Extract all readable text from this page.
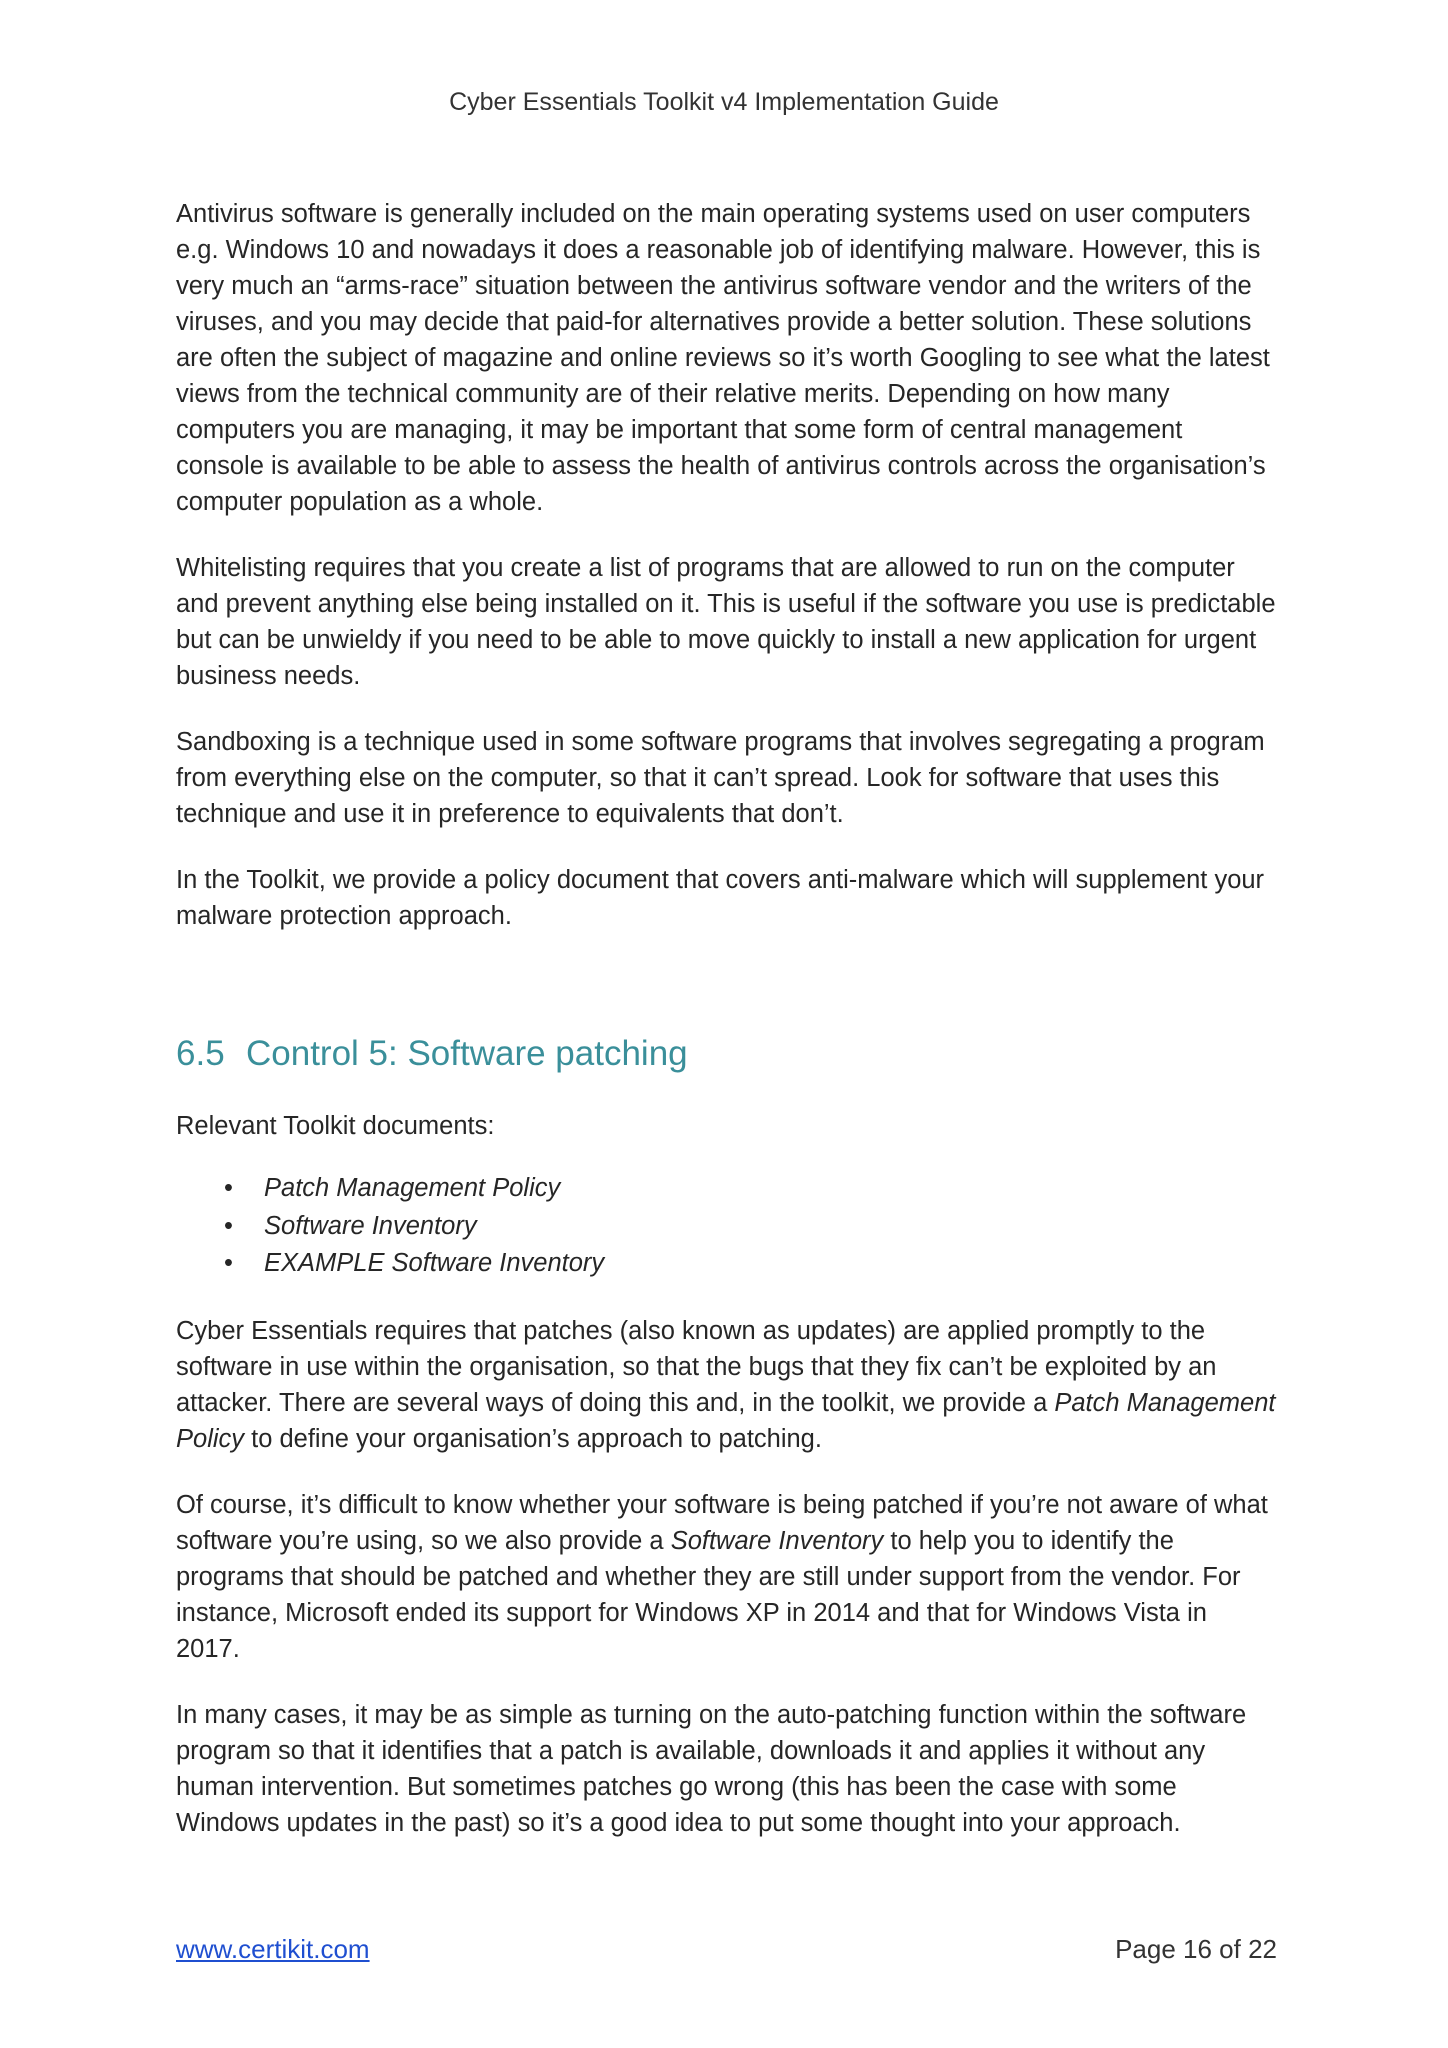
Cyber Essentials Toolkit v4 Implementation Guide

Antivirus software is generally included on the main operating systems used on user computers e.g. Windows 10 and nowadays it does a reasonable job of identifying malware. However, this is very much an “arms-race” situation between the antivirus software vendor and the writers of the viruses, and you may decide that paid-for alternatives provide a better solution. These solutions are often the subject of magazine and online reviews so it’s worth Googling to see what the latest views from the technical community are of their relative merits. Depending on how many computers you are managing, it may be important that some form of central management console is available to be able to assess the health of antivirus controls across the organisation’s computer population as a whole.

Whitelisting requires that you create a list of programs that are allowed to run on the computer and prevent anything else being installed on it. This is useful if the software you use is predictable but can be unwieldy if you need to be able to move quickly to install a new application for urgent business needs.

Sandboxing is a technique used in some software programs that involves segregating a program from everything else on the computer, so that it can’t spread. Look for software that uses this technique and use it in preference to equivalents that don’t.

In the Toolkit, we provide a policy document that covers anti-malware which will supplement your malware protection approach.

6.5 Control 5: Software patching

Relevant Toolkit documents:

• Patch Management Policy
• Software Inventory
• EXAMPLE Software Inventory

Cyber Essentials requires that patches (also known as updates) are applied promptly to the software in use within the organisation, so that the bugs that they fix can’t be exploited by an attacker. There are several ways of doing this and, in the toolkit, we provide a Patch Management Policy to define your organisation’s approach to patching.

Of course, it’s difficult to know whether your software is being patched if you’re not aware of what software you’re using, so we also provide a Software Inventory to help you to identify the programs that should be patched and whether they are still under support from the vendor. For instance, Microsoft ended its support for Windows XP in 2014 and that for Windows Vista in 2017.

In many cases, it may be as simple as turning on the auto-patching function within the software program so that it identifies that a patch is available, downloads it and applies it without any human intervention. But sometimes patches go wrong (this has been the case with some Windows updates in the past) so it’s a good idea to put some thought into your approach.

www.certikit.com	Page 16 of 22
